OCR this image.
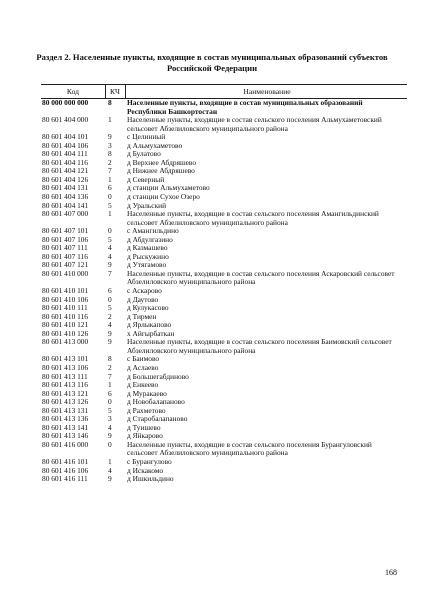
Раздел 2. Населенные пункты, входящие в состав муниципальных образований субъектов Российской Федерации
Код	КЧ	Наименование
80 000 000 000	8	Населенные пункты, входящие в состав муниципальных образований Республики Башкортостан
80 601 404 000	1	Населенные пункты, входящие в состав сельского поселения Альмухаметовский сельсовет Абзелиловского муниципального района
80 601 404 101	9	с Целинный
80 601 404 106	3	д Альмухаметово
80 601 404 111	8	д Булатово
80 601 404 116	2	д Верхнее Абдряшево
80 601 404 121	7	д Нижнее Абдряшево
80 601 404 126	1	д Северный
80 601 404 131	6	д станции Альмухаметово
80 601 404 136	0	д станции Сухое Озеро
80 601 404 141	5	д Уральский
80 601 407 000	1	Населенные пункты, входящие в состав сельского поселения Амангильдинский сельсовет Абзелиловского муниципального района
80 601 407 101	0	с Амангильдино
80 601 407 106	5	д Абдулгазино
80 601 407 111	4	д Казмашево
80 601 407 116	4	д Рыскужино
80 601 407 121	9	д Утягамово
80 601 410 000	7	Населенные пункты, входящие в состав сельского поселения Аскаровский сельсовет Абзелиловского муниципального района
80 601 410 101	6	с Аскарово
80 601 410 106	0	д Даутово
80 601 410 111	5	д Кулукасово
80 601 410 116	2	д Тирмен
80 601 410 121	4	д Ярлыкапово
80 601 410 126	9	х Айгырбаткан
80 601 413 000	9	Населенные пункты, входящие в состав сельского поселения Баимовский сельсовет Абзелиловского муниципального района
80 601 413 101	8	с Баимово
80 601 413 106	2	д Аслаево
80 601 413 111	7	д Большегабдиново
80 601 413 116	1	д Енкеево
80 601 413 121	6	д Муракаево
80 601 413 126	0	д Новобалапаново
80 601 413 131	5	д Рахметово
80 601 413 136	3	д Старобалапаново
80 601 413 141	4	д Туишево
80 601 413 146	9	д Яйкарово
80 601 416 000	0	Населенные пункты, входящие в состав сельского поселения Бурангуловский сельсовет Абзелиловского муниципального района
80 601 416 101	1	с Бурангулово
80 601 416 106	4	д Искакомо
80 601 416 111	9	д Ишкильдино
168
